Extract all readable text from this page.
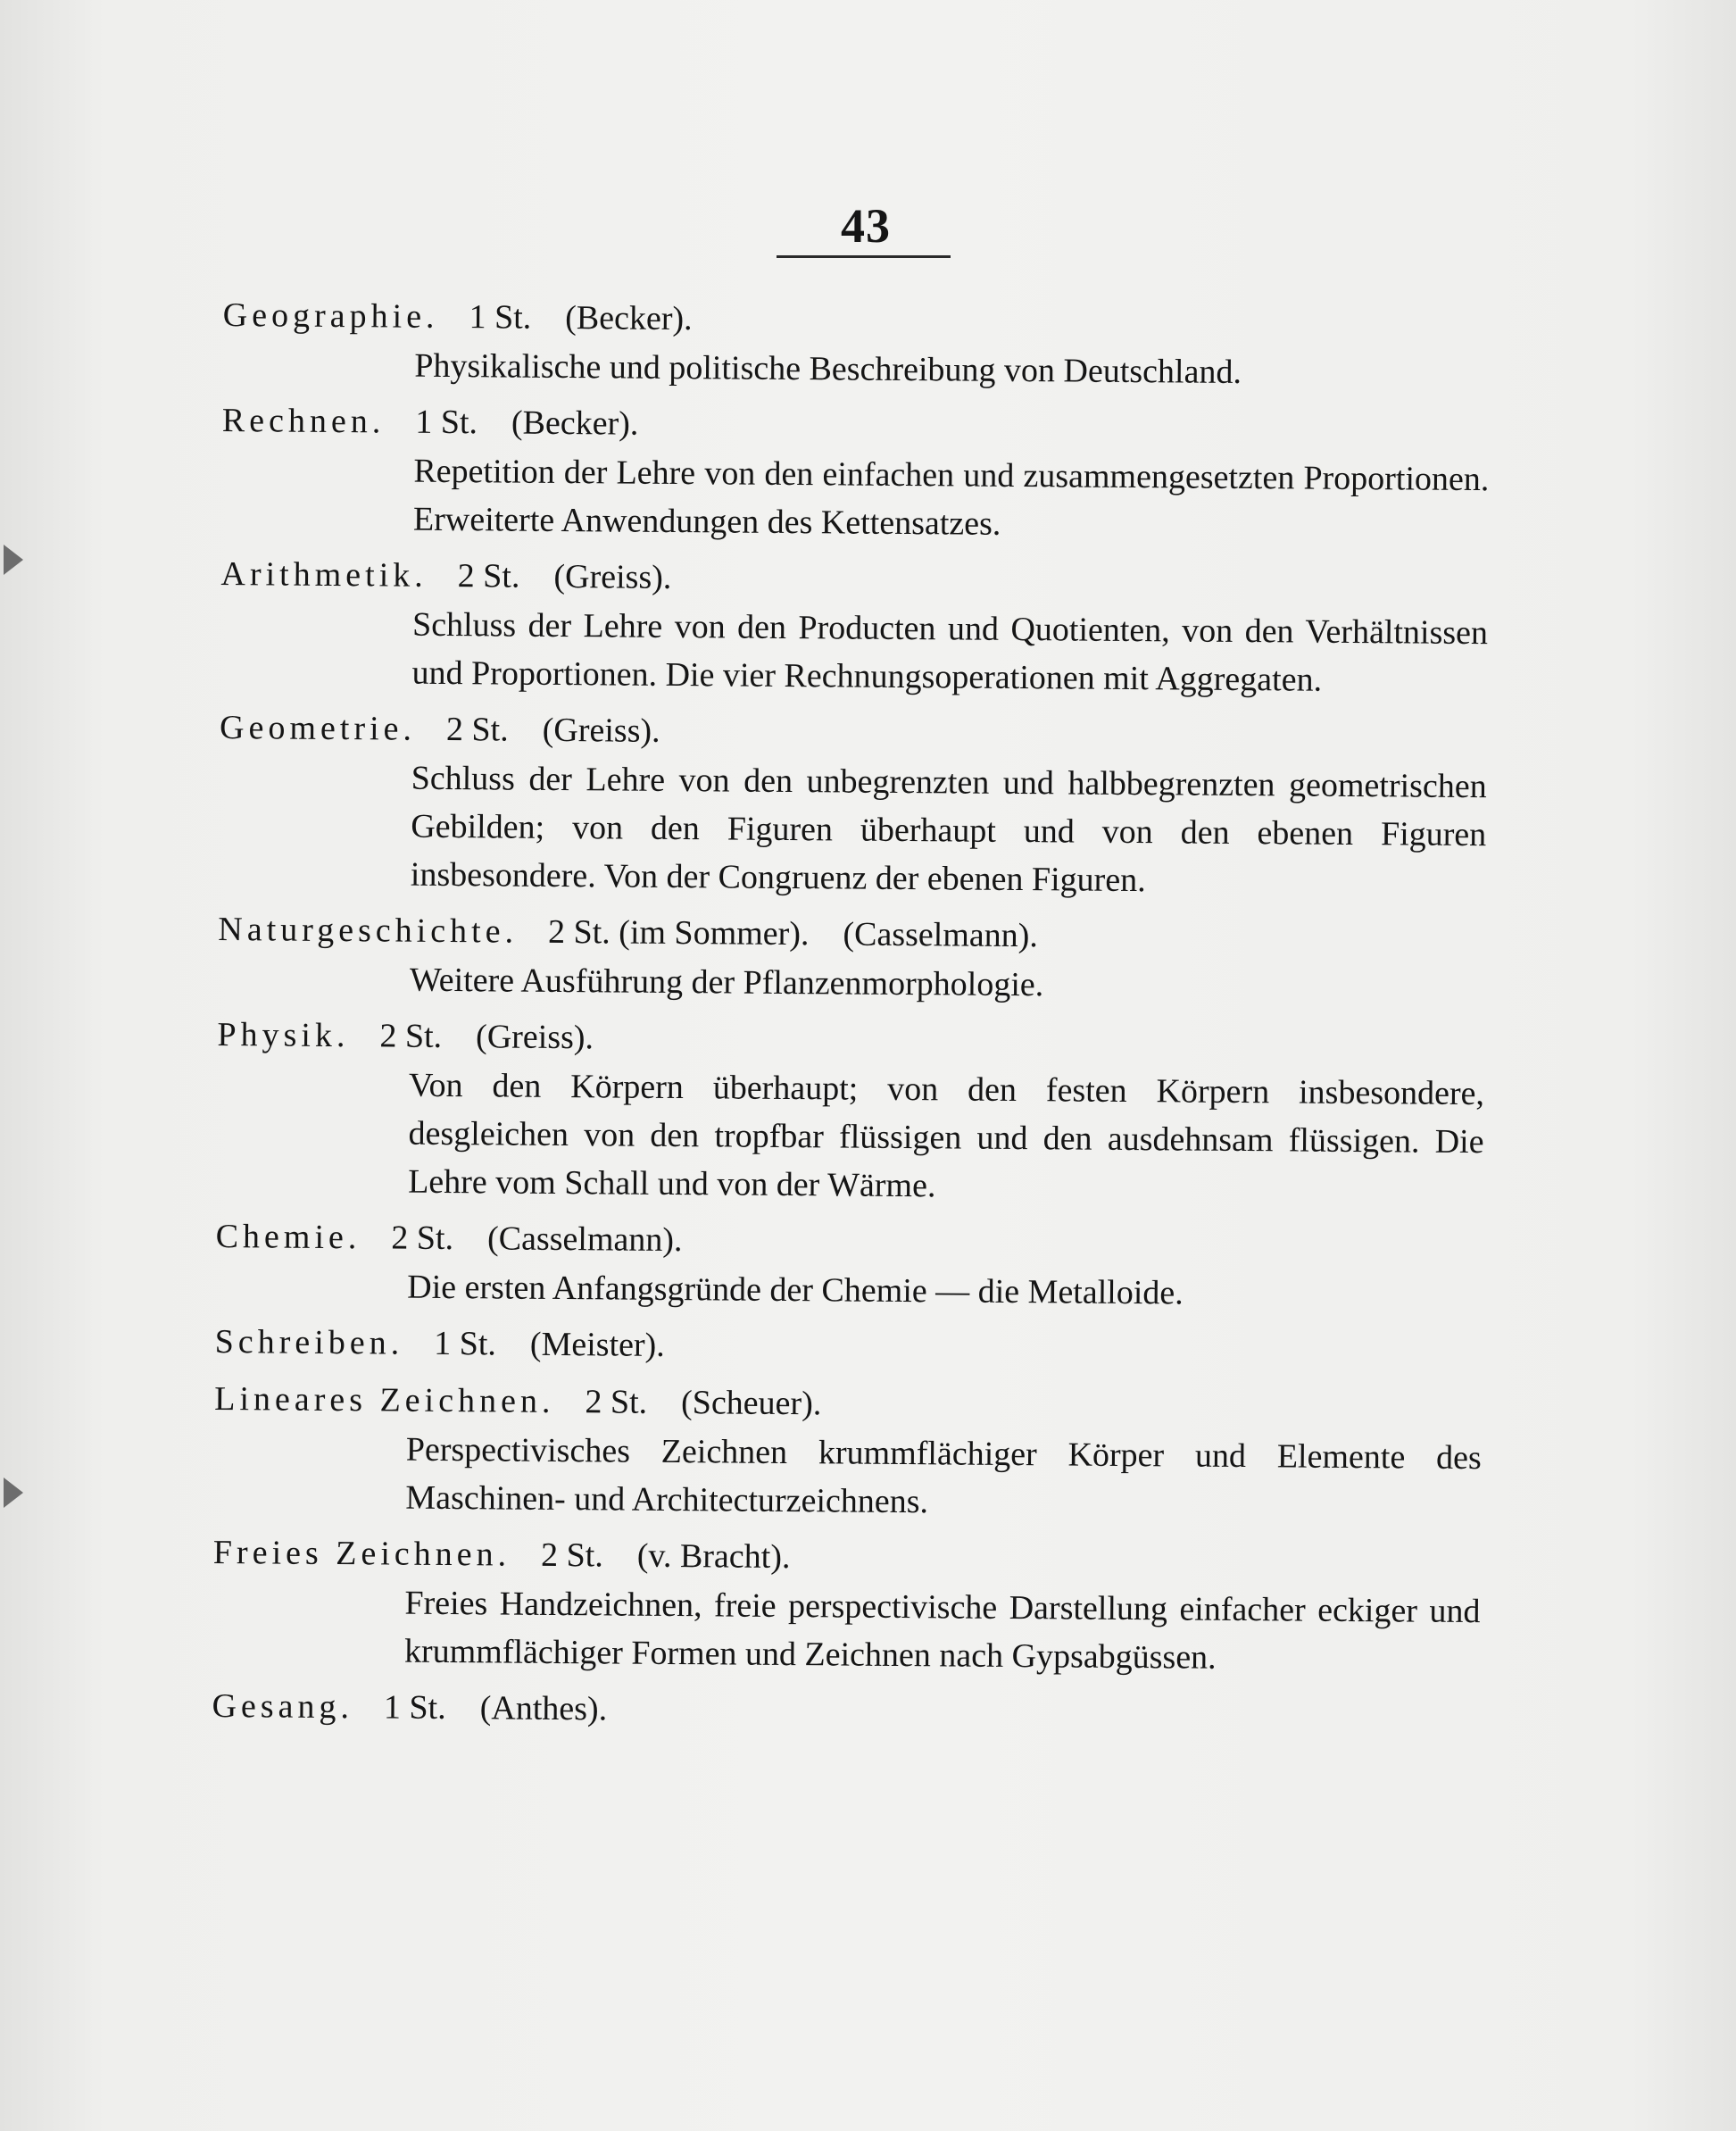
43
Geographie. 1 St. (Becker).
Physikalische und politische Beschreibung von Deutschland.
Rechnen. 1 St. (Becker).
Repetition der Lehre von den einfachen und zusammengesetzten Proportionen. Erweiterte Anwendungen des Kettensatzes.
Arithmetik. 2 St. (Greiss).
Schluss der Lehre von den Producten und Quotienten, von den Verhältnissen und Proportionen. Die vier Rechnungsoperationen mit Aggregaten.
Geometrie. 2 St. (Greiss).
Schluss der Lehre von den unbegrenzten und halbbegrenzten geometrischen Gebilden; von den Figuren überhaupt und von den ebenen Figuren insbesondere. Von der Congruenz der ebenen Figuren.
Naturgeschichte. 2 St. (im Sommer). (Casselmann).
Weitere Ausführung der Pflanzenmorphologie.
Physik. 2 St. (Greiss).
Von den Körpern überhaupt; von den festen Körpern insbesondere, desgleichen von den tropfbar flüssigen und den ausdehnsam flüssigen. Die Lehre vom Schall und von der Wärme.
Chemie. 2 St. (Casselmann).
Die ersten Anfangsgründe der Chemie — die Metalloide.
Schreiben. 1 St. (Meister).
Lineares Zeichnen. 2 St. (Scheuer).
Perspectivisches Zeichnen krummflächiger Körper und Elemente des Maschinen- und Architecturzeichnens.
Freies Zeichnen. 2 St. (v. Bracht).
Freies Handzeichnen, freie perspectivische Darstellung einfacher eckiger und krummflächiger Formen und Zeichnen nach Gypsabgüssen.
Gesang. 1 St. (Anthes).
